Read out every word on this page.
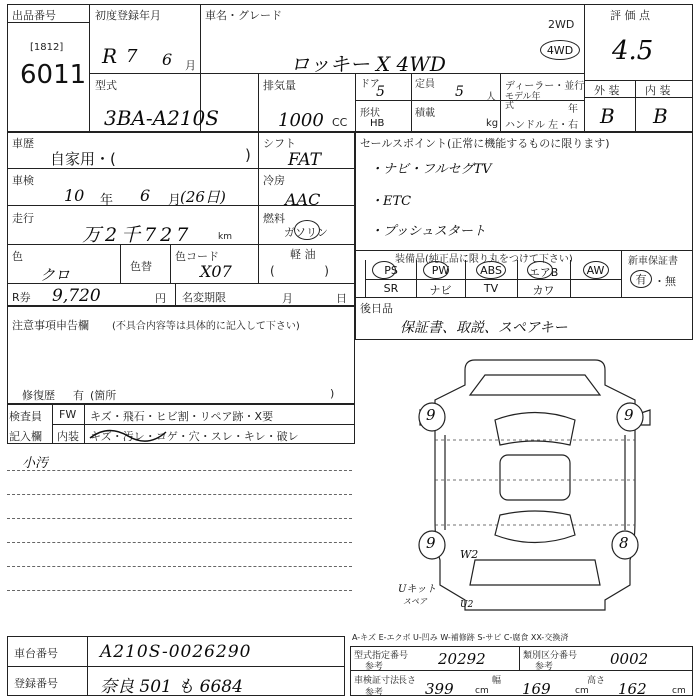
出品番号
[1812]
6011
初度登録年月
R 7 6 月
車名・グレード
ロッキー X 4WD
2WD
4WD
評 価 点
4.5
型式
3BA-A210S
排気量
1000 CC
ドア
5	定員 5 人
形状
HB
積載
kg
ディーラー・並行
モデル年式	年
ハンドル 左・右
外 装 内 装
B B
車歴
自家用・(	)
シフト
FAT
車検
10 年 6 月
(26日)
冷房
AAC
走行
万2千727	km
燃料
ガソリン
軽 油
(             )
色
クロ	色替
色コード
X07
R券 9,720	円 名変期限	月	日
セールスポイント(正常に機能するものに限ります)
・ナビ・フルセグTV
・ETC
・プッシュスタート
装備品(純正品に限り丸をつけて下さい)	新車保証書
PS	PW	ABS	エアB	AW
SR	ナビ	TV	カワ
有 ・無
後日品
保証書、取説、スペアキー
注意事項申告欄 (不具合内容等は具体的に記入して下さい)
修復歴 有 (箇所	)
検査員
記入欄
FW キズ・飛石・ヒビ割・リペア跡・X要
内装 キズ・汚レ・コゲ・穴・スレ・キレ・破レ
小汚
9	9
9	8
W2
Uキット
スペア	U2
A-キズ E-エクボ U-凹み W-補修跡 S-サビ C-腐食 XX-交換済
車台番号 A210S-0026290
登録番号 奈良 501 も 6684
型式指定番号
参考	20292	類別区分番号
参考	0002
車検証寸法
参考
長さ 399 cm
幅 169	cm
高さ 162	cm
